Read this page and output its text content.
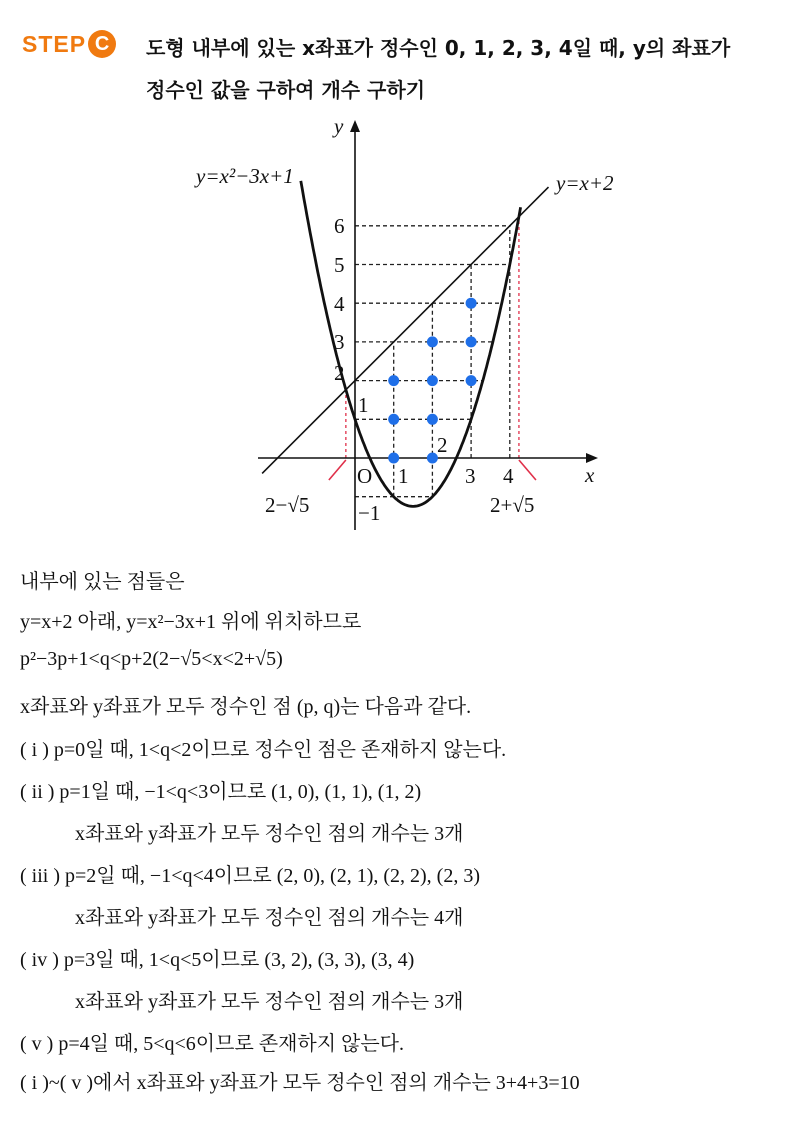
STEP C	도형 내부에 있는 x좌표가 정수인 0, 1, 2, 3, 4일 때, y의 좌표가
정수인 값을 구하여 개수 구하기
y
x
O
y=x²−3x+1	y=x+2
2−√5	2+√5
6
5
4
3
2
1
−1
1
2
3 4
내부에 있는 점들은
y=x+2 아래, y=x²−3x+1 위에 위치하므로
p²−3p+1<q<p+2(2−√5<x<2+√5)
x좌표와 y좌표가 모두 정수인 점 (p, q)는 다음과 같다.
( i ) p=0일 때, 1<q<2이므로 정수인 점은 존재하지 않는다.
( ii ) p=1일 때, −1<q<3이므로 (1, 0), (1, 1), (1, 2)
x좌표와 y좌표가 모두 정수인 점의 개수는 3개
( iii ) p=2일 때, −1<q<4이므로 (2, 0), (2, 1), (2, 2), (2, 3)
x좌표와 y좌표가 모두 정수인 점의 개수는 4개
( iv ) p=3일 때, 1<q<5이므로 (3, 2), (3, 3), (3, 4)
x좌표와 y좌표가 모두 정수인 점의 개수는 3개
( v ) p=4일 때, 5<q<6이므로 존재하지 않는다.
( i )~( v )에서 x좌표와 y좌표가 모두 정수인 점의 개수는 3+4+3=10
